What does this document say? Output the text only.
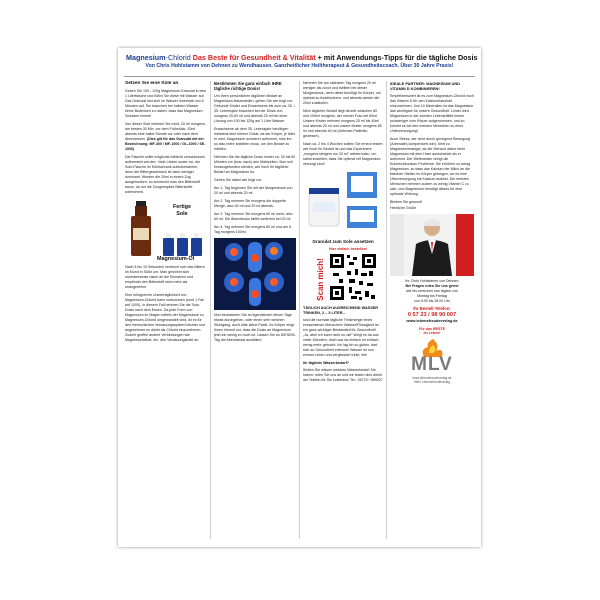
Magnesium-Chlorid Das Beste für Gesundheit & Vitalität + mit Anwendungs-Tipps für die tägliche Dosis
Von Chris Hohlstamm von Dehnen zu Wendhausen. Ganzheitlicher Heiltherapeut & Gesundheitscoach. Über 30 Jahre Praxis!
Setzen Sie eine Sole an

Geben Sie 100 - 120g Magnesium-Granulat in eine 1 Literflasche und füllen Sie diese mit Wasser auf. Das Granulat löst sich im Wasser innerhalb von 5 Minuten auf. Sie brauchen bei halbem Wasser keine Bedenken zu haben, dass das Magnesium Schaden nimmt!

Von dieser Sole nehmen Sie mind. 20 ml morgens, am besten 30 Min. vor dem Frühstück, 20ml abends eine halbe Stunde vor oder nach dem Abendessen. (Dies gilt für das Granulat mit der Bezeichnung: MF-300 / MF-1000 / GL-1000 / SE-1000)

Die Flasche sollte möglichst luftdicht verschlossen aufbewahrt werden. Viele Leiden sowie vor, die Sole-Flasche im Kühlschrank aufzubewahren, denn der Bittergeschmack ist dann weniger dominant. Werden die 20ml in einem Zug ausgetrunken, so schmeckt man den Bitterstoff kaum, da nur die Zungenspitze Bitterstoffe wahrnimmt.

Fertige
Sole
Magnesium-Öl

Nach 5 bis 10 Sekunden verdünnt sich das Bittere im Mund in Süße um. Man gewöhnt sich normalerweise rasch an die Einnahme und empfindet den Bitterstoff nicht mehr als unangenehm.

Eine erfolgreiche Unverträglichkeit von Magnesium-Chlorid kann vorkommen (rund 1 Fall auf 1000). In diesem Fall nehmen Sie die Sole-Dosis nach dem Essen. Da jede Form von Magnesium im Magen mittels der Magensäure zu Magnesium-Chlorid umgewandelt wird, ist es für den menschlichen Verdauungssystem leichter und angenehmer es direkt als Chlorid einzunehmen. Zudem greifen andere Verbindungen wie Magnesiumcitrat, etc. den Verdauungstrakt an.

Bestimmen Sie ganz einfach IHRE tägliche richtige Dosis!

Um Ihren persönlichen täglichen Bedarf an Magnesium festzustellen, gehen Sie wie folgt vor: Gesunde Kinder und Erwachsene bis zum ca. 30. / 35. Lebensjahr brauchen bei der Dosis von morgens 20-60 ml und abends 20 ml bei einer Lösung von 100 bis 120g auf 1 Liter Wasser.

Erwachsene ab dem 35. Lebensjahr benötigen meistens eine höhere Dosis, da der Körper, je älter er wird, Magnesium schwerer aufnimmt, man ihn so also mehr anbieten muss, um den Bedarf zu erfüllen.

Nehmen Sie die tägliche Dosis immer ca. 30 bis 60 Minuten vor (bzw. nach) den Mahlzeiten. Nun soll herausgefunden werden, wie hoch Ihr täglicher Bedarf an Magnesium ist.

Gehen Sie dabei wie folgt vor:

Am 1. Tag beginnen Sie mit der Morgendosis von 20 ml und abends 20 ml.

Am 2. Tag nehmen Sie morgens die doppelte Menge, also 40 ml und 20 ml abends.

Am 3. Tag nehmen Sie morgens 60 ml mehr, also 60 ml. Die Abenddosis bleibt weiterhin bei 20 ml.

Am 4. Tag nehmen Sie morgens 80 ml und am 5. Tag morgens 100ml.

Nun beobachten Sie an irgendeinem dieser Tage etwas durchgehen, oder einen sehr weichen Stuhlgang, doch bitte keine Panik, Ihr Körper zeigt Ihnen hiermit nur, dass die Dosis an Magnesium jetzt ein wenig zu hoch ist. Lassen Sie an DIESEM-Tag die Abenddosis ausfallen!

Nehmen Sie am nächsten Tag morgens 20 ml weniger als zuvor und bleiben bei dieser Morgendosis, denn diese benötigt Ihr Körper, um optimal zu funktionieren, und abends wieder die 20ml zusätzlich.

Mein täglicher Bedarf liegt derzeit zwischen 80 und 100ml morgens, der meiner Frau bei 60ml. Unsere Kinder nehmen morgens 20 ml bis 40ml und abends 20 ml und unsere Mutter morgens 80 ml und abends 40 ml (Arthrose-Patientin, gewesen).

Nach ca. 2 bis 4 Wochen sollten Sie erneut testen wie hoch Ihr Bedarf ist und das Experiment „morgens steigern um 20 ml" wiederholen, um sicherzustellen, dass Sie optimal mit Magnesium versorgt sind!

Granulat zum Sole ansetzen
Hier einfach bestellen!
Scan mich!
TÄGLICH AUCH AUSREICHEND WASSER TRINKEN, 2 – 3 LITER...

sind die normale tägliche Trinkmenge eines erwachsenen Menschen! Wasser/Flüssigkeit ist ein ganz wichtiger Bestandteil für Gesundheit! „Ja, aber ich kann nicht so viel" klingt es da aus vieler Mündern, doch war da einfach tut einfach wenig mehr gebucht. Ich lag ich so gluten, darf sich an Gesundheit erfreuen! Wasser ist nun einmal Leben und vergesslich trinkt, leb!

Ihr tägliche Wasserbedarf?

Wollen Sie wissen welchen Wasserbedarf Sie haben: rufen Sie uns an und wir testen dies direkt am Telefon für Sie kostenlos! Tel.: 05723 / 989007

IDEALE PARTNER: MAGNESIUM UND VITAMIN D KOMBINIEREN!

Empfehlenswert ist es zum Magnesium-Chlorid noch das Vitamin D für den Kalziumhaushalt einzunehmen. Von 10 Mineralien ist das Magnesium das wichtigste für unsere Gesundheit. Leider wird Magnesium in der zweiten Lebenshälfte immer schwieriger vom Körper aufgenommen, und so kommt es bei den meisten Menschen zu einer Unterversorgung!

Auch Stress, der nicht durch genügend Bewegung (Adrenalin) kompensiert wird, führt zu Magnesiummangel, da der Mensch dabei mehr Magnesium mit dem Harn ausscheidet als er aufnimmt. Der Weltmeister bringt die Kuhmilchkonsum Probleme. Sie erhöhen zu wenig Magnesium, so dass das Kalzium der Milch an die falschen Stellen im Körper gelangen, wo es eine Überversorgung mit Kalzium auslöst. Die meisten Menschen nehmen zudem zu wenig Vitamin C zu sich, und Magnesium benötigt dieses für eine optimale Wirkung.

Bleiben Sie gesund!

Herzliche Grüße

Ihr Chris Hohlstamm von Dehnen
Bei Fragen rufen Sie uns gerne
wie bis erreichen uns täglich von
Montag bis Freitag
von 9:00 bis 18.00 Uhr
Ihr Bestell-Telefon:
0 57 23 / 98 90 007
www.lebensfreudeverlag.de
Für das BESTE
im Leben!
MLV
www.lebensfreudeverlag.de
Mein Lebensfreudeverlag
